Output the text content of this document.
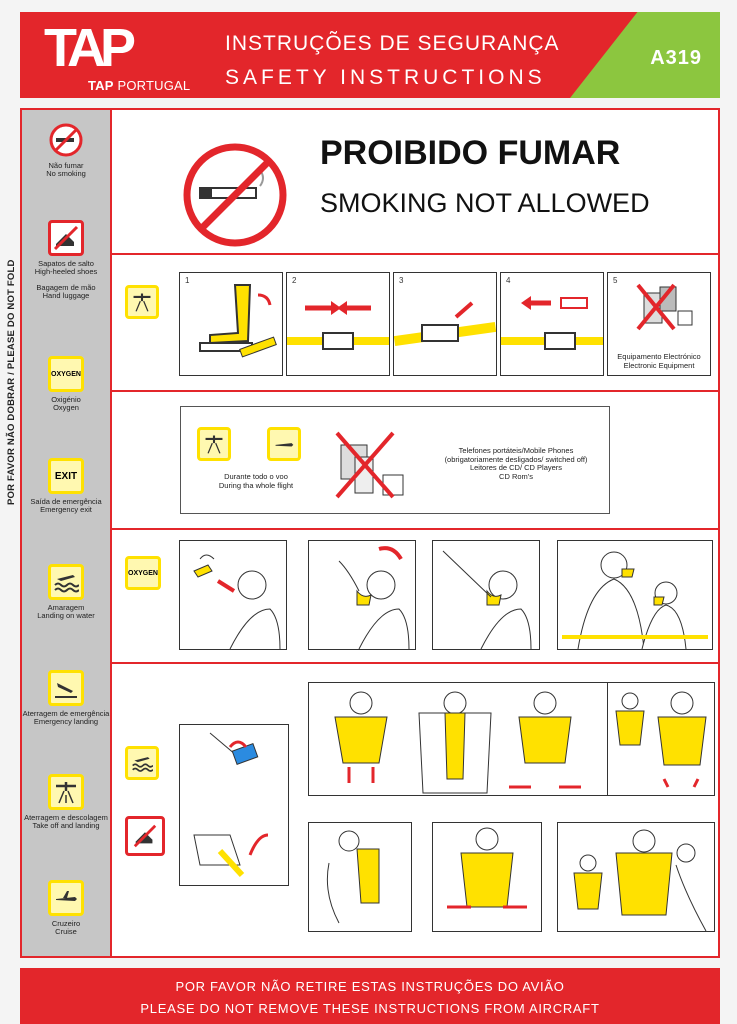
TAP
TAP PORTUGAL
INSTRUÇÕES DE SEGURANÇA
SAFETY INSTRUCTIONS
A319
Não fumar
No smoking
Sapatos de salto
High-heeled shoes
Bagagem de mão
Hand luggage
OXYGEN
Oxigénio
Oxygen
EXIT
Saída de emergência
Emergency exit
Amaragem
Landing on water
Aterragem de emergência
Emergency landing
Aterragem e descolagem
Take off and landing
Cruzeiro
Cruise
POR FAVOR NÃO DOBRAR / PLEASE DO NOT FOLD
PROIBIDO FUMAR
SMOKING NOT ALLOWED
1	2	3	4	5
Equipamento Electrónico
Electronic Equipment
Durante todo o voo
During tha whole flight
Telefones portáteis/Mobile Phones
(obrigatoriamente desligados/ switched off)
Leitores de CD/ CD Players
CD Rom's
OXYGEN
POR FAVOR NÃO RETIRE ESTAS INSTRUÇÕES DO AVIÃO
PLEASE DO NOT REMOVE THESE INSTRUCTIONS FROM AIRCRAFT
